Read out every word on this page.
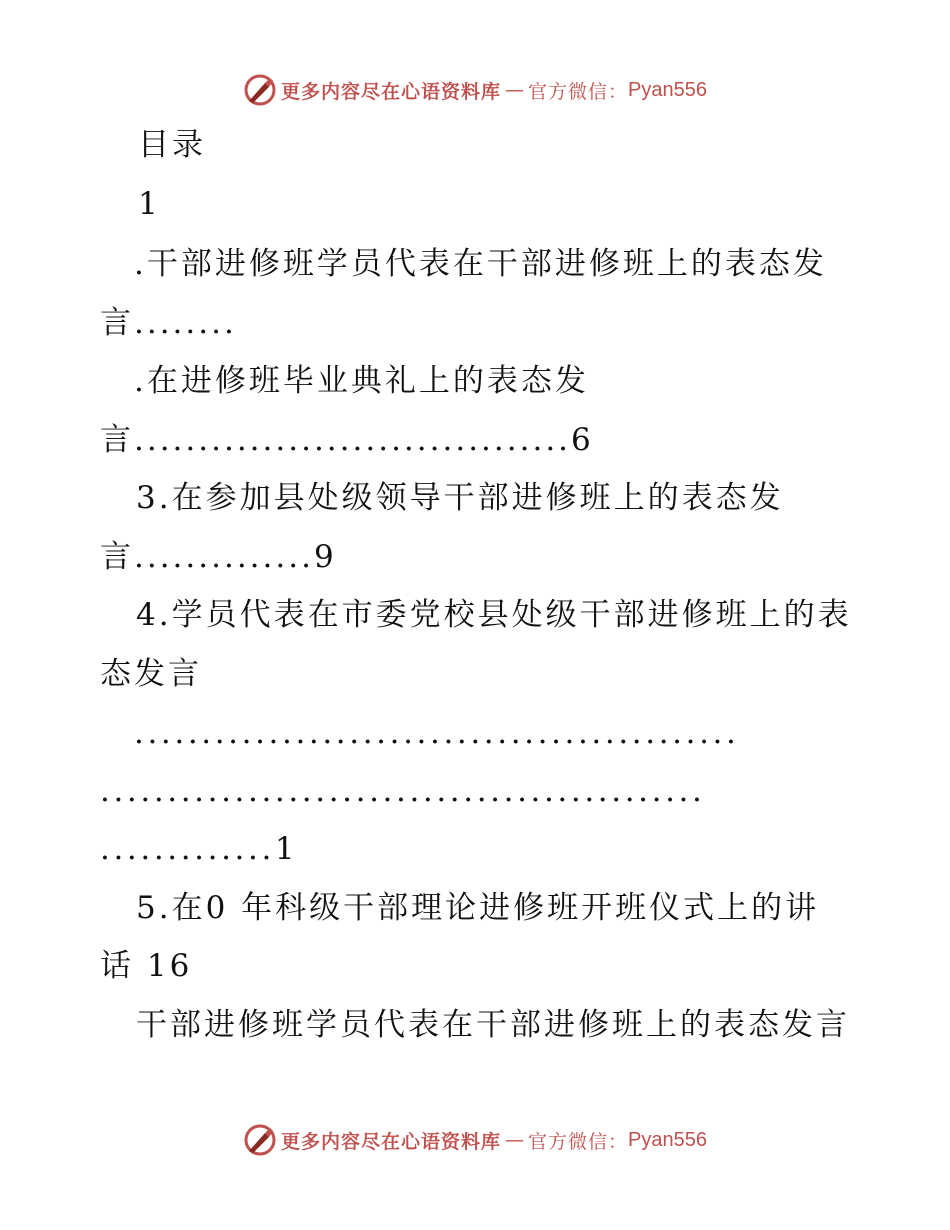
更多内容尽在心语资料库 — 官方微信： Pyan556
目录
1
.干部进修班学员代表在干部进修班上的表态发
言........
.在进修班毕业典礼上的表态发
言..................................6
3.在参加县处级领导干部进修班上的表态发
言..............9
4.学员代表在市委党校县处级干部进修班上的表
态发言
.............................................
.............................................
.............1
5.在0 年科级干部理论进修班开班仪式上的讲
话 16
干部进修班学员代表在干部进修班上的表态发言
更多内容尽在心语资料库 — 官方微信： Pyan556
